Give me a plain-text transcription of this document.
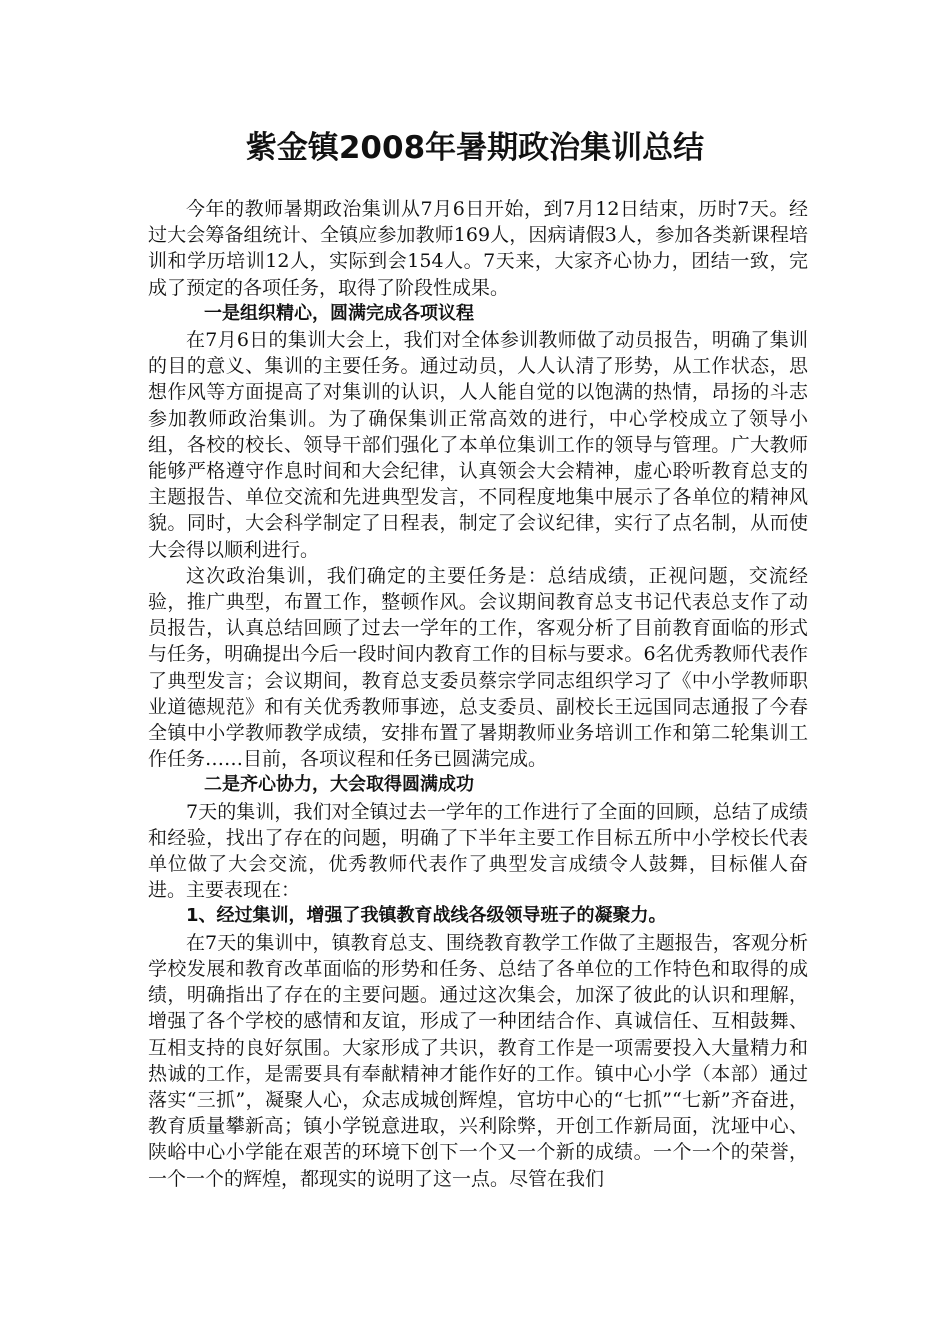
紫金镇2008年暑期政治集训总结

今年的教师暑期政治集训从7月6日开始，到7月12日结束，历时7天。经过大会筹备组统计、全镇应参加教师169人，因病请假3人，参加各类新课程培训和学历培训12人，实际到会154人。7天来，大家齐心协力，团结一致，完成了预定的各项任务，取得了阶段性成果。

一是组织精心，圆满完成各项议程

在7月6日的集训大会上，我们对全体参训教师做了动员报告，明确了集训的目的意义、集训的主要任务。通过动员，人人认清了形势，从工作状态，思想作风等方面提高了对集训的认识，人人能自觉的以饱满的热情，昂扬的斗志参加教师政治集训。为了确保集训正常高效的进行，中心学校成立了领导小组，各校的校长、领导干部们强化了本单位集训工作的领导与管理。广大教师能够严格遵守作息时间和大会纪律，认真领会大会精神，虚心聆听教育总支的主题报告、单位交流和先进典型发言，不同程度地集中展示了各单位的精神风貌。同时，大会科学制定了日程表，制定了会议纪律，实行了点名制，从而使大会得以顺利进行。

这次政治集训，我们确定的主要任务是：总结成绩，正视问题，交流经验，推广典型，布置工作，整顿作风。会议期间教育总支书记代表总支作了动员报告，认真总结回顾了过去一学年的工作，客观分析了目前教育面临的形式与任务，明确提出今后一段时间内教育工作的目标与要求。6名优秀教师代表作了典型发言；会议期间，教育总支委员蔡宗学同志组织学习了《中小学教师职业道德规范》和有关优秀教师事迹，总支委员、副校长王远国同志通报了今春全镇中小学教师教学成绩，安排布置了暑期教师业务培训工作和第二轮集训工作任务……目前，各项议程和任务已圆满完成。

二是齐心协力，大会取得圆满成功

7天的集训，我们对全镇过去一学年的工作进行了全面的回顾，总结了成绩和经验，找出了存在的问题，明确了下半年主要工作目标五所中小学校长代表单位做了大会交流，优秀教师代表作了典型发言成绩令人鼓舞，目标催人奋进。主要表现在：

1、经过集训，增强了我镇教育战线各级领导班子的凝聚力。

在7天的集训中，镇教育总支、围绕教育教学工作做了主题报告，客观分析学校发展和教育改革面临的形势和任务、总结了各单位的工作特色和取得的成绩，明确指出了存在的主要问题。通过这次集会，加深了彼此的认识和理解，增强了各个学校的感情和友谊，形成了一种团结合作、真诚信任、互相鼓舞、互相支持的良好氛围。大家形成了共识，教育工作是一项需要投入大量精力和热诚的工作，是需要具有奉献精神才能作好的工作。镇中心小学（本部）通过落实“三抓”，凝聚人心，众志成城创辉煌，官坊中心的“七抓”“七新”齐奋进，教育质量攀新高；镇小学锐意进取，兴利除弊，开创工作新局面，沈垭中心、陕峪中心小学能在艰苦的环境下创下一个又一个新的成绩。一个一个的荣誉，一个一个的辉煌，都现实的说明了这一点。尽管在我们
